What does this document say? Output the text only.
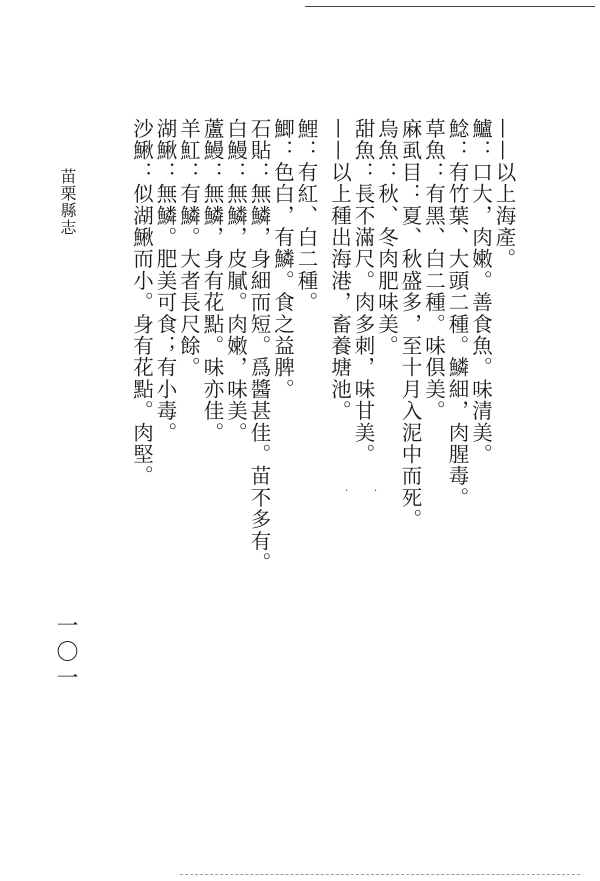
——以上海產。
鱸：口大，肉嫩。善食魚。味清美。
鯰：有竹葉、大頭二種。鱗細，肉腥毒。
草魚：有黑、白二種。味俱美。
麻虱目：夏、秋盛多，至十月入泥中而死。
烏魚：秋、冬肉肥味美。
甜魚：長不滿尺。肉多刺，味甘美。
——以上種出海港，畜養塘池。
鯉：有紅、白二種。
鯽：色白，有鱗。食之益脾。
石貼：無鱗，身細而短。爲醬甚佳。苗不多有。
白鰻：無鱗，皮膩。肉嫩，味美。
蘆鰻：無鱗，身有花點。味亦佳。
羊魟：有鱗。大者長尺餘。
湖鰍：無鱗。肥美可食；有小毒。
沙鰍：似湖鰍而小。身有花點。肉堅。
苗栗縣志
一〇一
·	·
